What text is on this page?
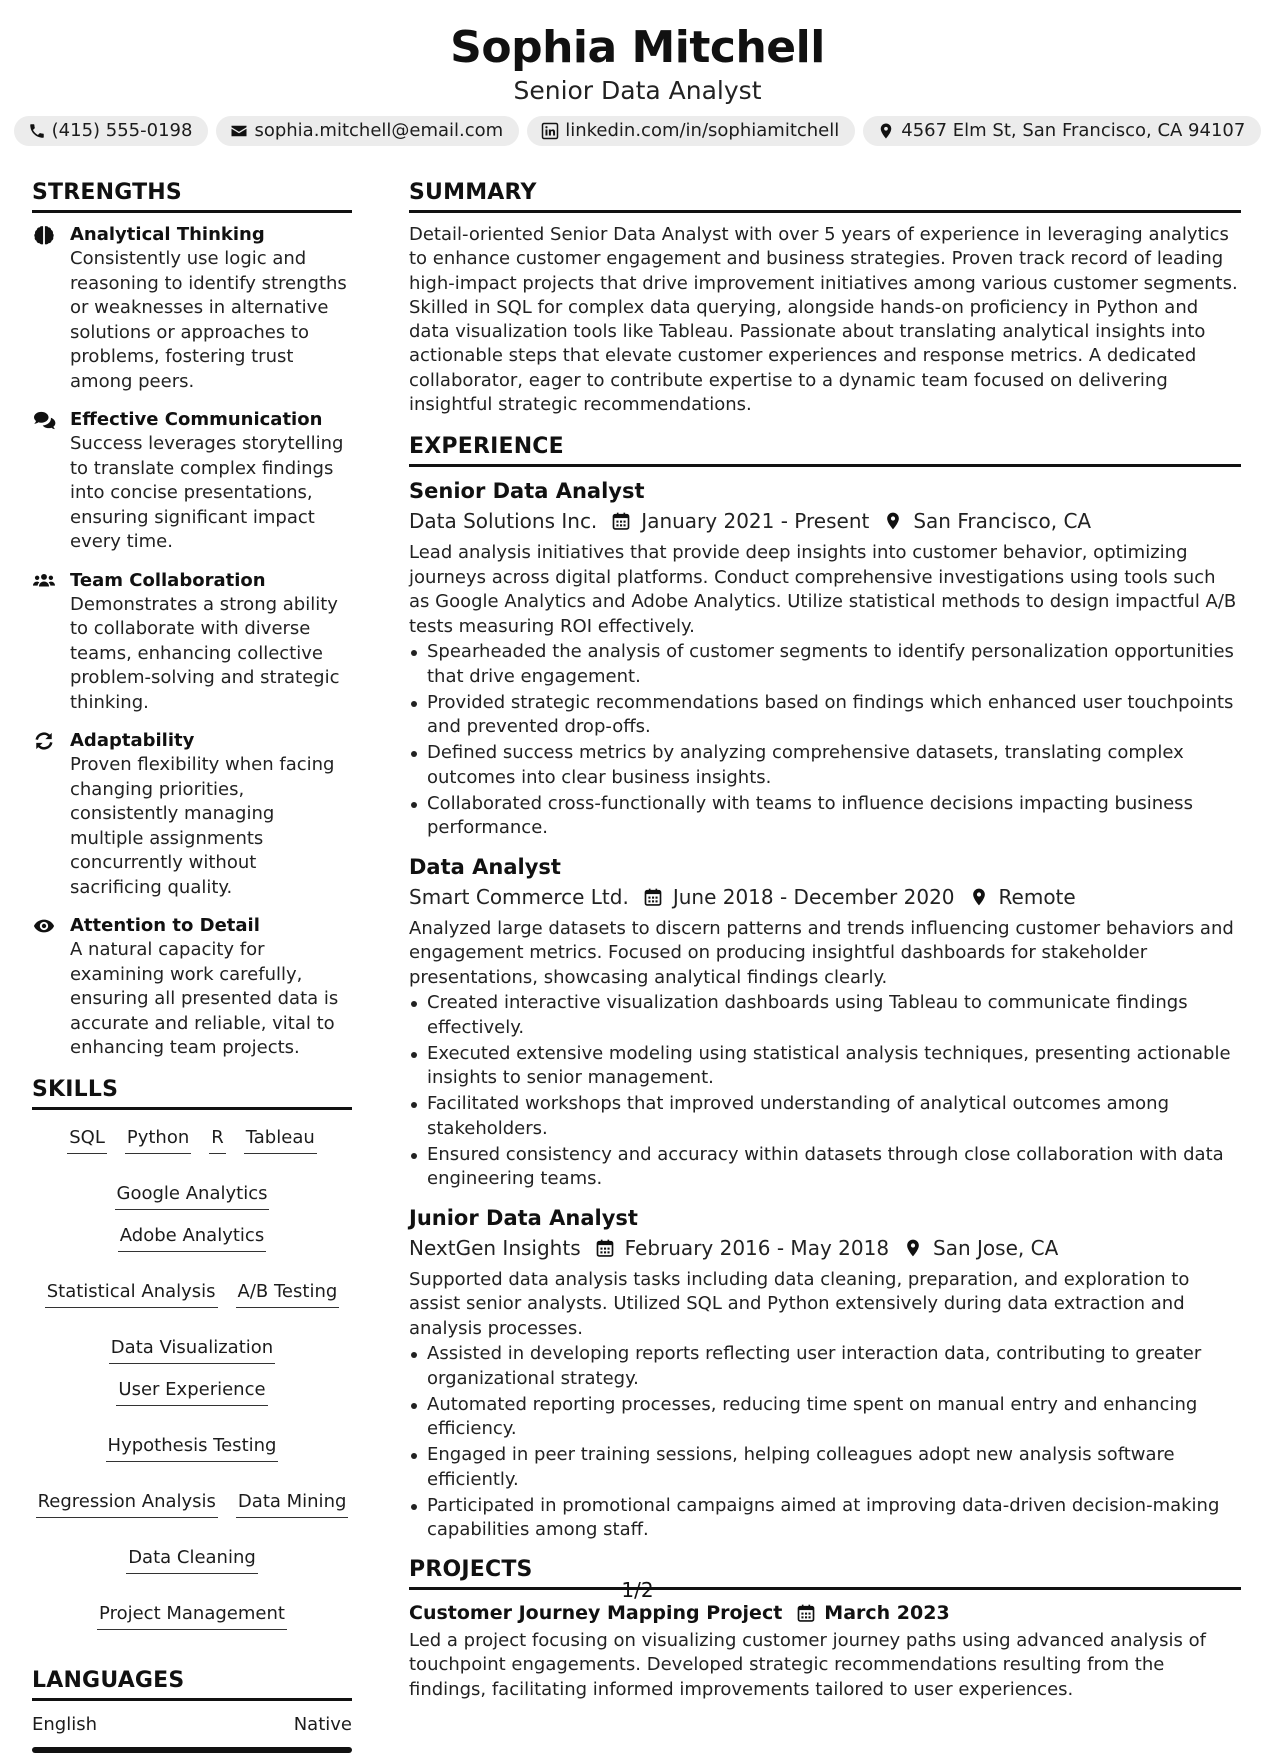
Sophia Mitchell
Senior Data Analyst
(415) 555-0198	sophia.mitchell@email.com	linkedin.com/in/sophiamitchell	4567 Elm St, San Francisco, CA 94107
STRENGTHS
Analytical Thinking
Consistently use logic and reasoning to identify strengths or weaknesses in alternative solutions or approaches to problems, fostering trust among peers.
Effective Communication
Success leverages storytelling to translate complex findings into concise presentations, ensuring significant impact every time.
Team Collaboration
Demonstrates a strong ability to collaborate with diverse teams, enhancing collective problem-solving and strategic thinking.
Adaptability
Proven flexibility when facing changing priorities, consistently managing multiple assignments concurrently without sacrificing quality.
Attention to Detail
A natural capacity for examining work carefully, ensuring all presented data is accurate and reliable, vital to enhancing team projects.
SKILLS
SQL Python R Tableau
Google Analytics
Adobe Analytics
Statistical Analysis A/B Testing
Data Visualization
User Experience
Hypothesis Testing
Regression Analysis Data Mining
Data Cleaning
Project Management
LANGUAGES
English	Native
SUMMARY
Detail-oriented Senior Data Analyst with over 5 years of experience in leveraging analytics to enhance customer engagement and business strategies. Proven track record of leading high-impact projects that drive improvement initiatives among various customer segments. Skilled in SQL for complex data querying, alongside hands-on proficiency in Python and data visualization tools like Tableau. Passionate about translating analytical insights into actionable steps that elevate customer experiences and response metrics. A dedicated collaborator, eager to contribute expertise to a dynamic team focused on delivering insightful strategic recommendations.
EXPERIENCE
Senior Data Analyst
Data Solutions Inc. January 2021 - Present San Francisco, CA
Lead analysis initiatives that provide deep insights into customer behavior, optimizing journeys across digital platforms. Conduct comprehensive investigations using tools such as Google Analytics and Adobe Analytics. Utilize statistical methods to design impactful A/B tests measuring ROI effectively.
Spearheaded the analysis of customer segments to identify personalization opportunities that drive engagement.
Provided strategic recommendations based on findings which enhanced user touchpoints and prevented drop-offs.
Defined success metrics by analyzing comprehensive datasets, translating complex outcomes into clear business insights.
Collaborated cross-functionally with teams to influence decisions impacting business performance.
Data Analyst
Smart Commerce Ltd. June 2018 - December 2020 Remote
Analyzed large datasets to discern patterns and trends influencing customer behaviors and engagement metrics. Focused on producing insightful dashboards for stakeholder presentations, showcasing analytical findings clearly.
Created interactive visualization dashboards using Tableau to communicate findings effectively.
Executed extensive modeling using statistical analysis techniques, presenting actionable insights to senior management.
Facilitated workshops that improved understanding of analytical outcomes among stakeholders.
Ensured consistency and accuracy within datasets through close collaboration with data engineering teams.
Junior Data Analyst
NextGen Insights February 2016 - May 2018 San Jose, CA
Supported data analysis tasks including data cleaning, preparation, and exploration to assist senior analysts. Utilized SQL and Python extensively during data extraction and analysis processes.
Assisted in developing reports reflecting user interaction data, contributing to greater organizational strategy.
Automated reporting processes, reducing time spent on manual entry and enhancing efficiency.
Engaged in peer training sessions, helping colleagues adopt new analysis software efficiently.
Participated in promotional campaigns aimed at improving data-driven decision-making capabilities among staff.
PROJECTS
Customer Journey Mapping Project March 2023
Led a project focusing on visualizing customer journey paths using advanced analysis of touchpoint engagements. Developed strategic recommendations resulting from the findings, facilitating informed improvements tailored to user experiences.
1/2
